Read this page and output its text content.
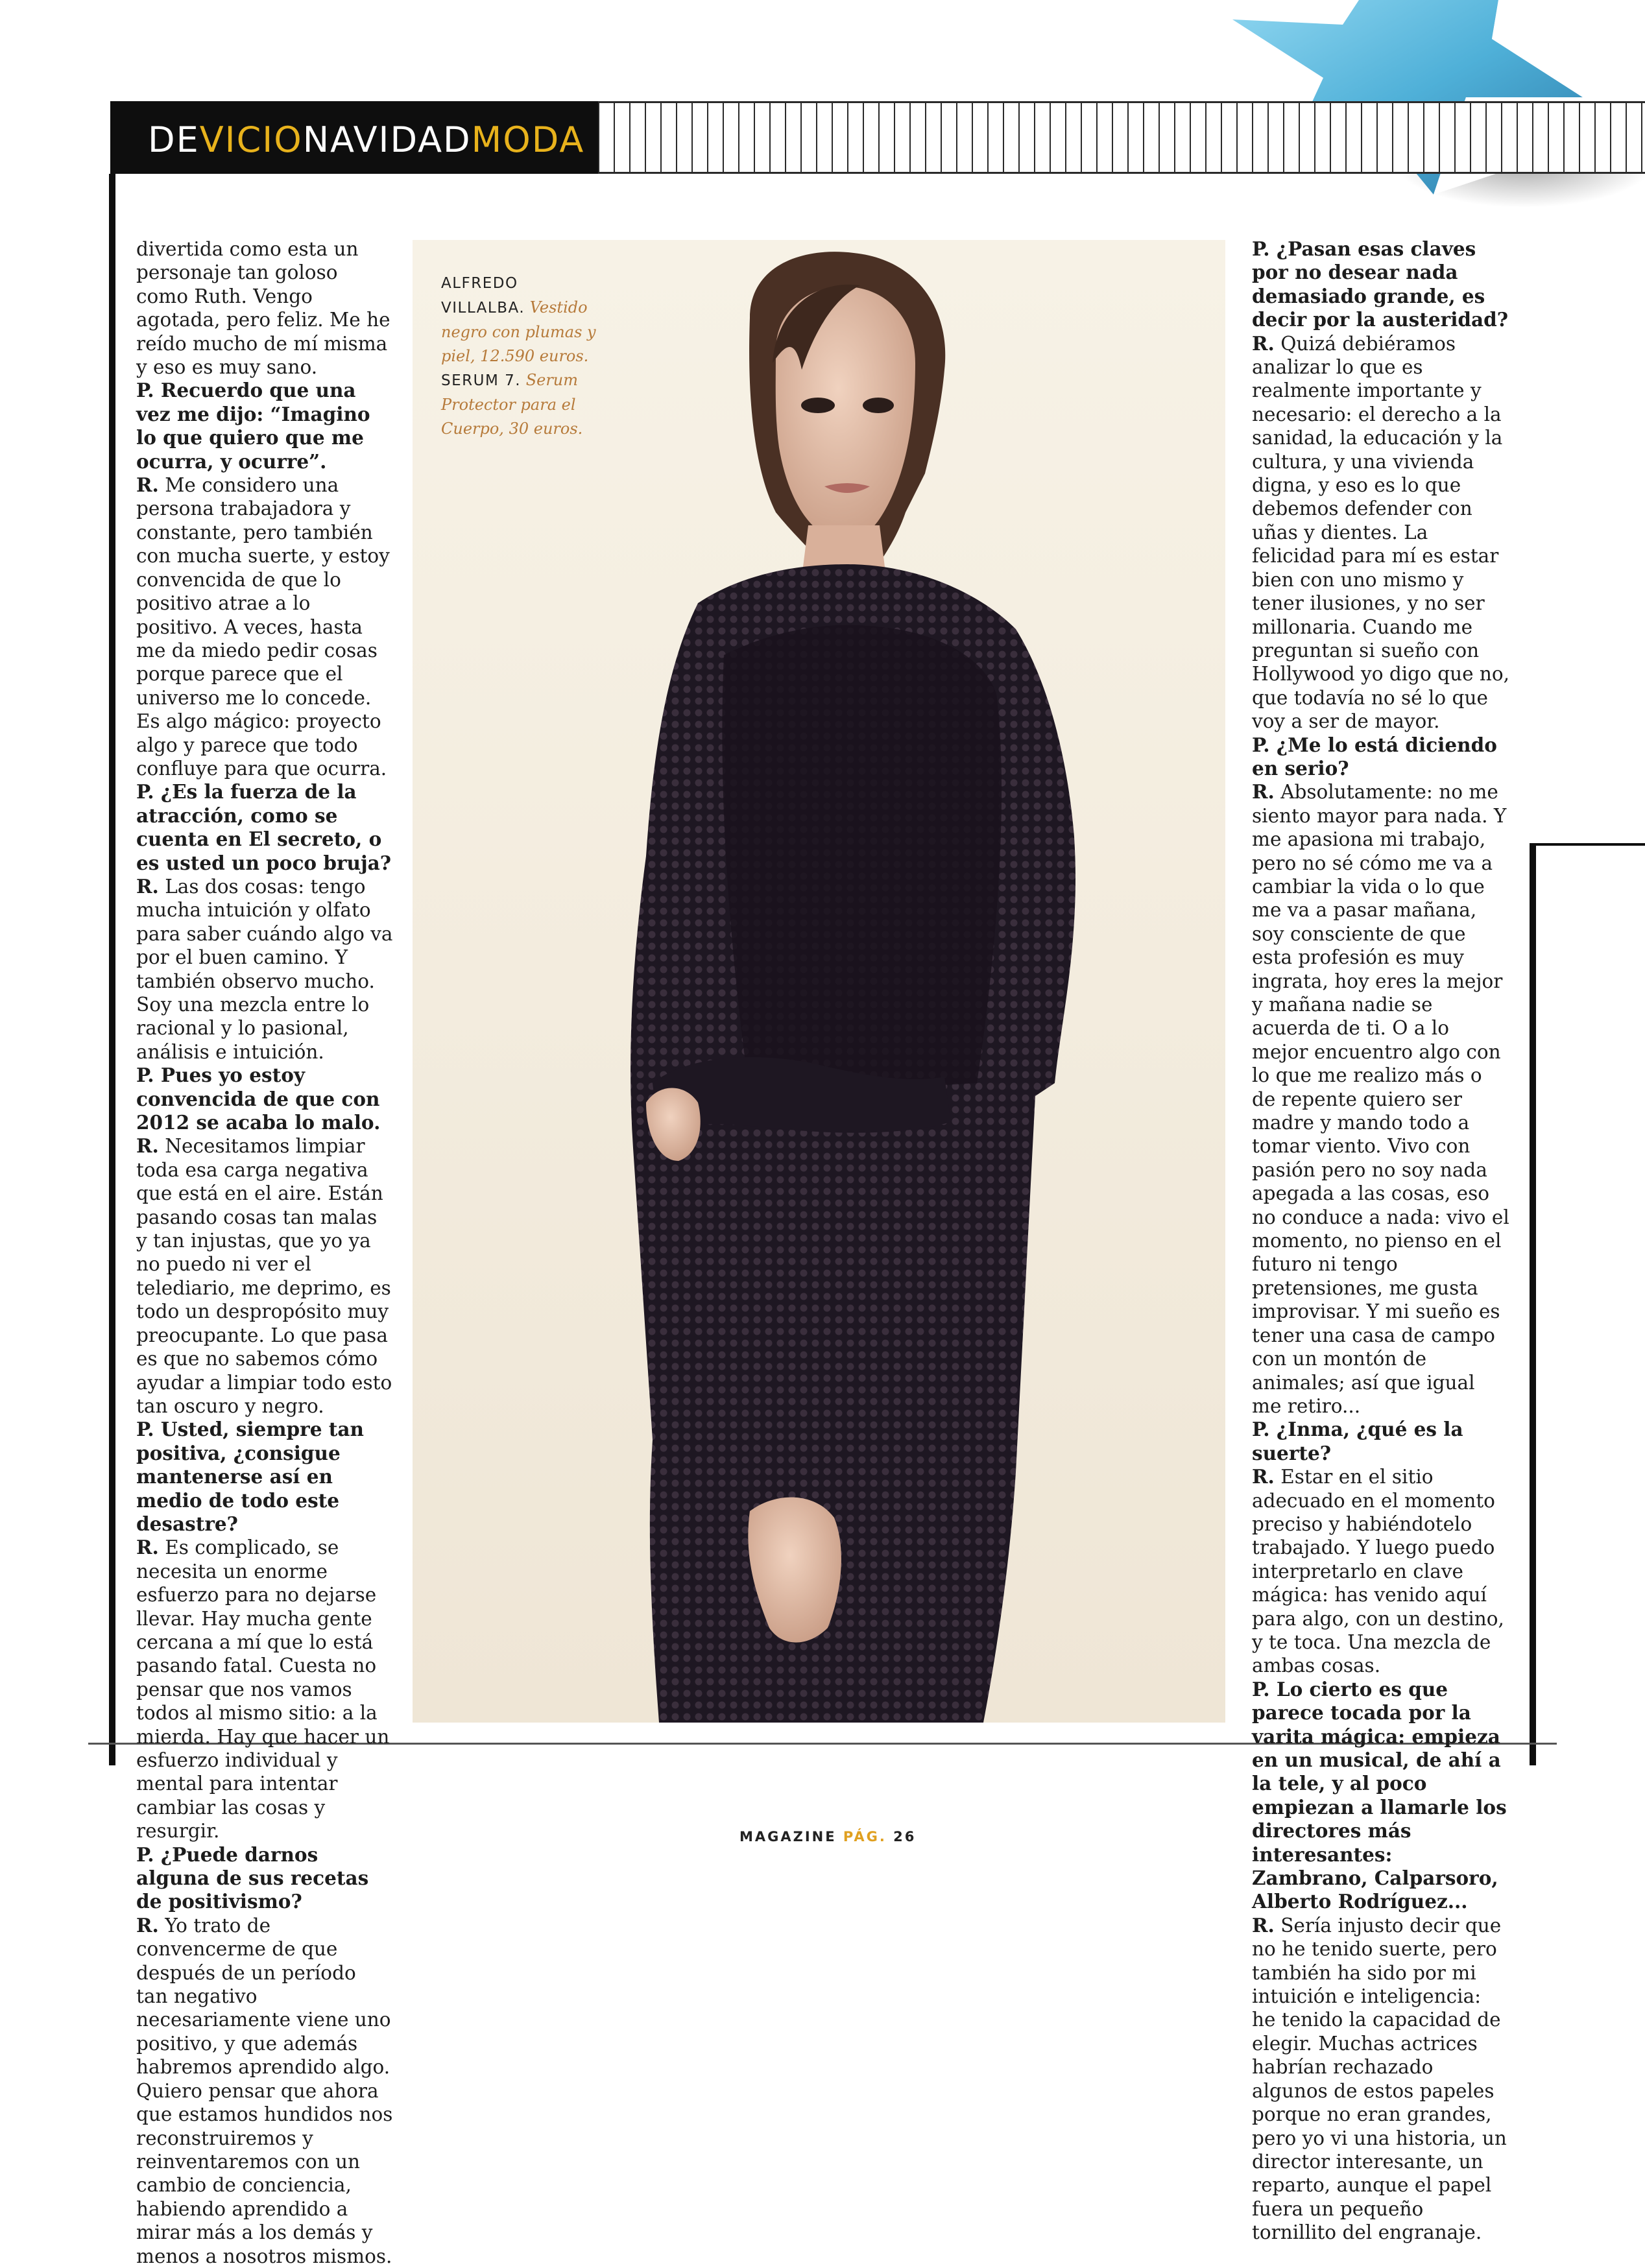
DEVICIONAVIDADMODA

divertida como esta un personaje tan goloso como Ruth. Vengo agotada, pero feliz. Me he reído mucho de mí misma y eso es muy sano.

P. Recuerdo que una vez me dijo: “Imagino lo que quiero que me ocurra, y ocurre”.

R. Me considero una persona trabajadora y constante, pero también con mucha suerte, y estoy convencida de que lo positivo atrae a lo positivo. A veces, hasta me da miedo pedir cosas porque parece que el universo me lo concede. Es algo mágico: proyecto algo y parece que todo confluye para que ocurra.

P. ¿Es la fuerza de la atracción, como se cuenta en El secreto, o es usted un poco bruja?

R. Las dos cosas: tengo mucha intuición y olfato para saber cuándo algo va por el buen camino. Y también observo mucho. Soy una mezcla entre lo racional y lo pasional, análisis e intuición.

P. Pues yo estoy convencida de que con 2012 se acaba lo malo.

R. Necesitamos limpiar toda esa carga negativa que está en el aire. Están pasando cosas tan malas y tan injustas, que yo ya no puedo ni ver el telediario, me deprimo, es todo un despropósito muy preocupante. Lo que pasa es que no sabemos cómo ayudar a limpiar todo esto tan oscuro y negro.

P. Usted, siempre tan positiva, ¿consigue mantenerse así en medio de todo este desastre?

R. Es complicado, se necesita un enorme esfuerzo para no dejarse llevar. Hay mucha gente cercana a mí que lo está pasando fatal. Cuesta no pensar que nos vamos todos al mismo sitio: a la mierda. Hay que hacer un esfuerzo individual y mental para intentar cambiar las cosas y resurgir.

P. ¿Puede darnos alguna de sus recetas de positivismo?

R. Yo trato de convencerme de que después de un período tan negativo necesariamente viene uno positivo, y que además habremos aprendido algo. Quiero pensar que ahora que estamos hundidos nos reconstruiremos y reinventaremos con un cambio de conciencia, habiendo aprendido a mirar más a los demás y menos a nosotros mismos.

ALFREDO VILLALBA. Vestido negro con plumas y piel, 12.590 euros. SERUM 7. Serum Protector para el Cuerpo, 30 euros.

P. ¿Pasan esas claves por no desear nada demasiado grande, es decir por la austeridad?

R. Quizá debiéramos analizar lo que es realmente importante y necesario: el derecho a la sanidad, la educación y la cultura, y una vivienda digna, y eso es lo que debemos defender con uñas y dientes. La felicidad para mí es estar bien con uno mismo y tener ilusiones, y no ser millonaria. Cuando me preguntan si sueño con Hollywood yo digo que no, que todavía no sé lo que voy a ser de mayor.

P. ¿Me lo está diciendo en serio?

R. Absolutamente: no me siento mayor para nada. Y me apasiona mi trabajo, pero no sé cómo me va a cambiar la vida o lo que me va a pasar mañana, soy consciente de que esta profesión es muy ingrata, hoy eres la mejor y mañana nadie se acuerda de ti. O a lo mejor encuentro algo con lo que me realizo más o de repente quiero ser madre y mando todo a tomar viento. Vivo con pasión pero no soy nada apegada a las cosas, eso no conduce a nada: vivo el momento, no pienso en el futuro ni tengo pretensiones, me gusta improvisar. Y mi sueño es tener una casa de campo con un montón de animales; así que igual me retiro...

P. ¿Inma, ¿qué es la suerte?

R. Estar en el sitio adecuado en el momento preciso y habiéndotelo trabajado. Y luego puedo interpretarlo en clave mágica: has venido aquí para algo, con un destino, y te toca. Una mezcla de ambas cosas.

P. Lo cierto es que parece tocada por la varita mágica: empieza en un musical, de ahí a la tele, y al poco empiezan a llamarle los directores más interesantes: Zambrano, Calparsoro, Alberto Rodríguez...

R. Sería injusto decir que no he tenido suerte, pero también ha sido por mi intuición e inteligencia: he tenido la capacidad de elegir. Muchas actrices habrían rechazado algunos de estos papeles porque no eran grandes, pero yo vi una historia, un director interesante, un reparto, aunque el papel fuera un pequeño tornillito del engranaje.

MAGAZINE PÁG. 26
